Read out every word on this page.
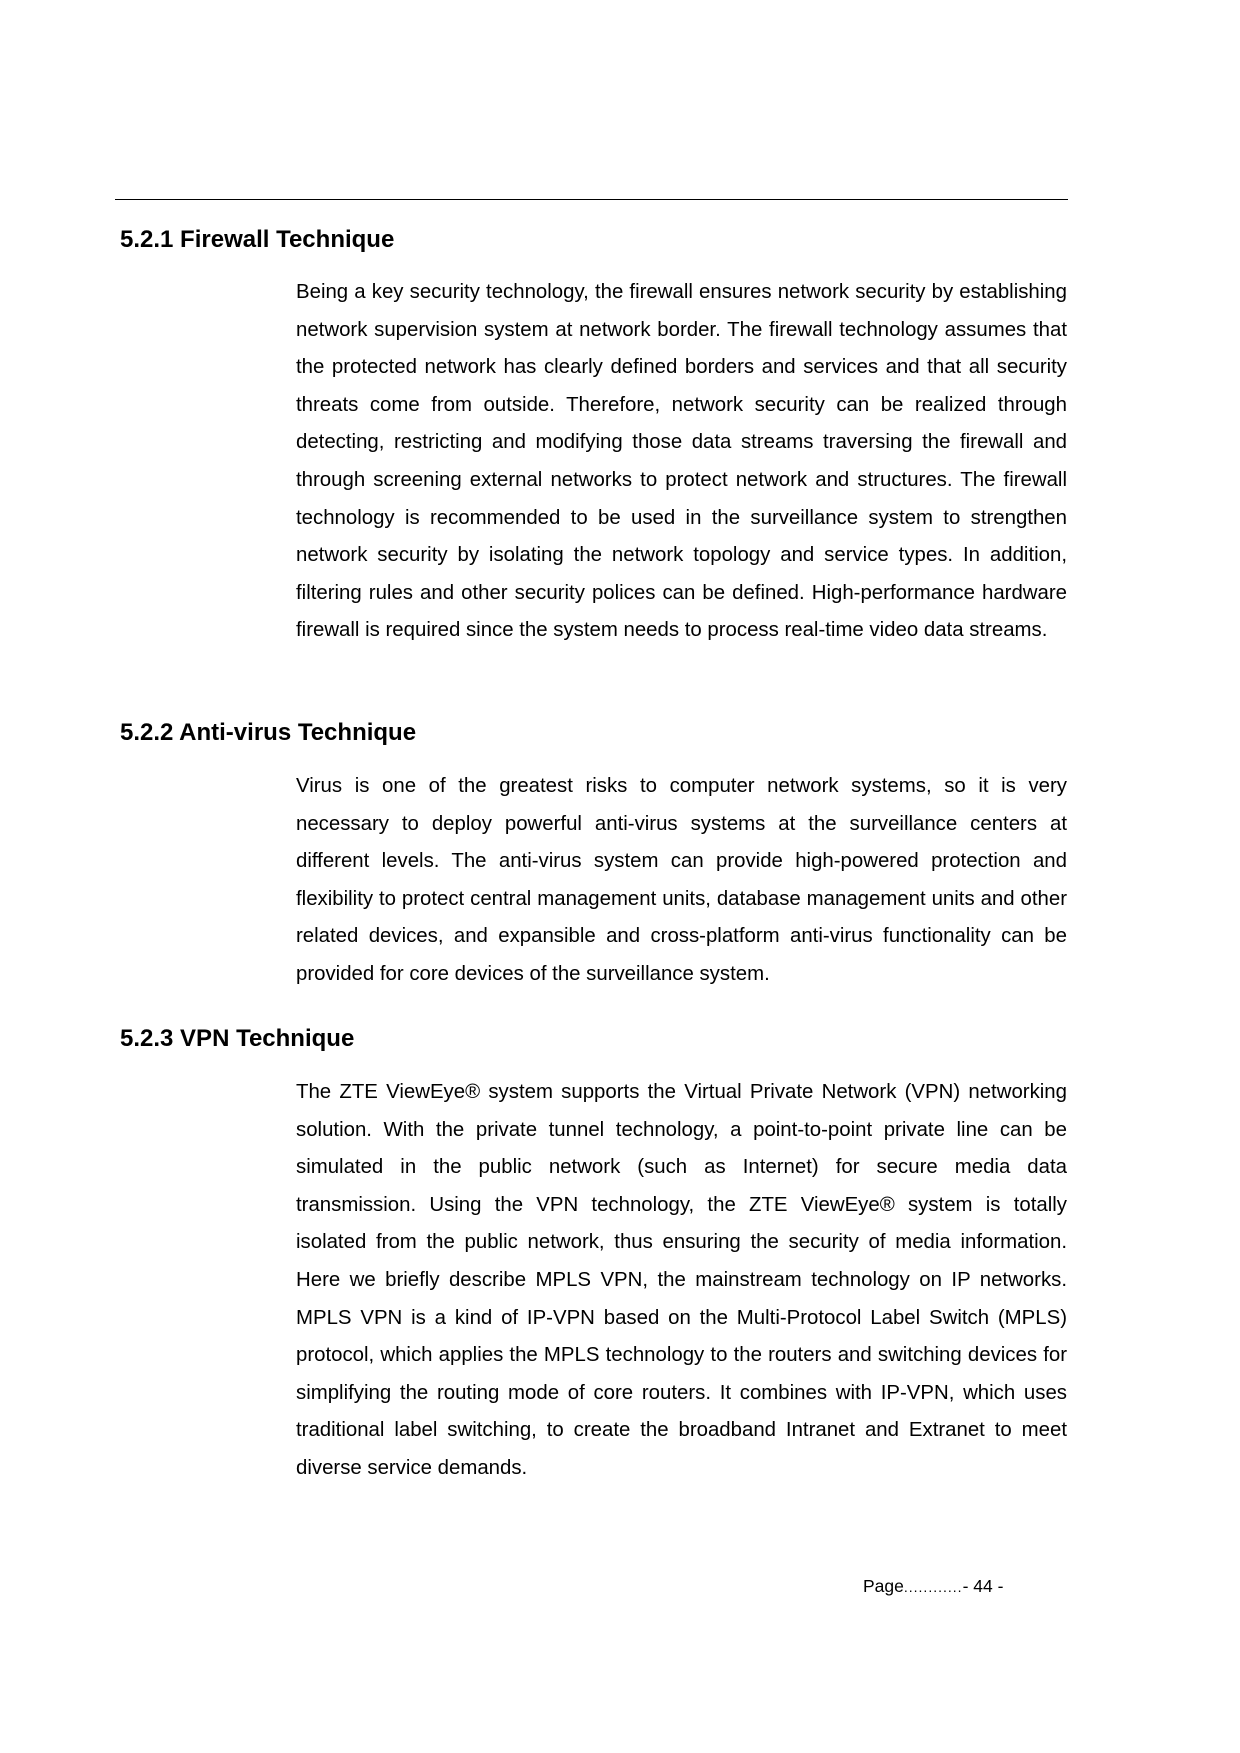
5.2.1 Firewall Technique

Being a key security technology, the firewall ensures network security by establishing network supervision system at network border. The firewall technology assumes that the protected network has clearly defined borders and services and that all security threats come from outside. Therefore, network security can be realized through detecting, restricting and modifying those data streams traversing the firewall and through screening external networks to protect network and structures. The firewall technology is recommended to be used in the surveillance system to strengthen network security by isolating the network topology and service types. In addition, filtering rules and other security polices can be defined. High-performance hardware firewall is required since the system needs to process real-time video data streams.

5.2.2 Anti-virus Technique

Virus is one of the greatest risks to computer network systems, so it is very necessary to deploy powerful anti-virus systems at the surveillance centers at different levels. The anti-virus system can provide high-powered protection and flexibility to protect central management units, database management units and other related devices, and expansible and cross-platform anti-virus functionality can be provided for core devices of the surveillance system.

5.2.3 VPN Technique

The ZTE ViewEye® system supports the Virtual Private Network (VPN) networking solution. With the private tunnel technology, a point-to-point private line can be simulated in the public network (such as Internet) for secure media data transmission. Using the VPN technology, the ZTE ViewEye® system is totally isolated from the public network, thus ensuring the security of media information. Here we briefly describe MPLS VPN, the mainstream technology on IP networks. MPLS VPN is a kind of IP-VPN based on the Multi-Protocol Label Switch (MPLS) protocol, which applies the MPLS technology to the routers and switching devices for simplifying the routing mode of core routers. It combines with IP-VPN, which uses traditional label switching, to create the broadband Intranet and Extranet to meet diverse service demands.

Page............- 44 -
